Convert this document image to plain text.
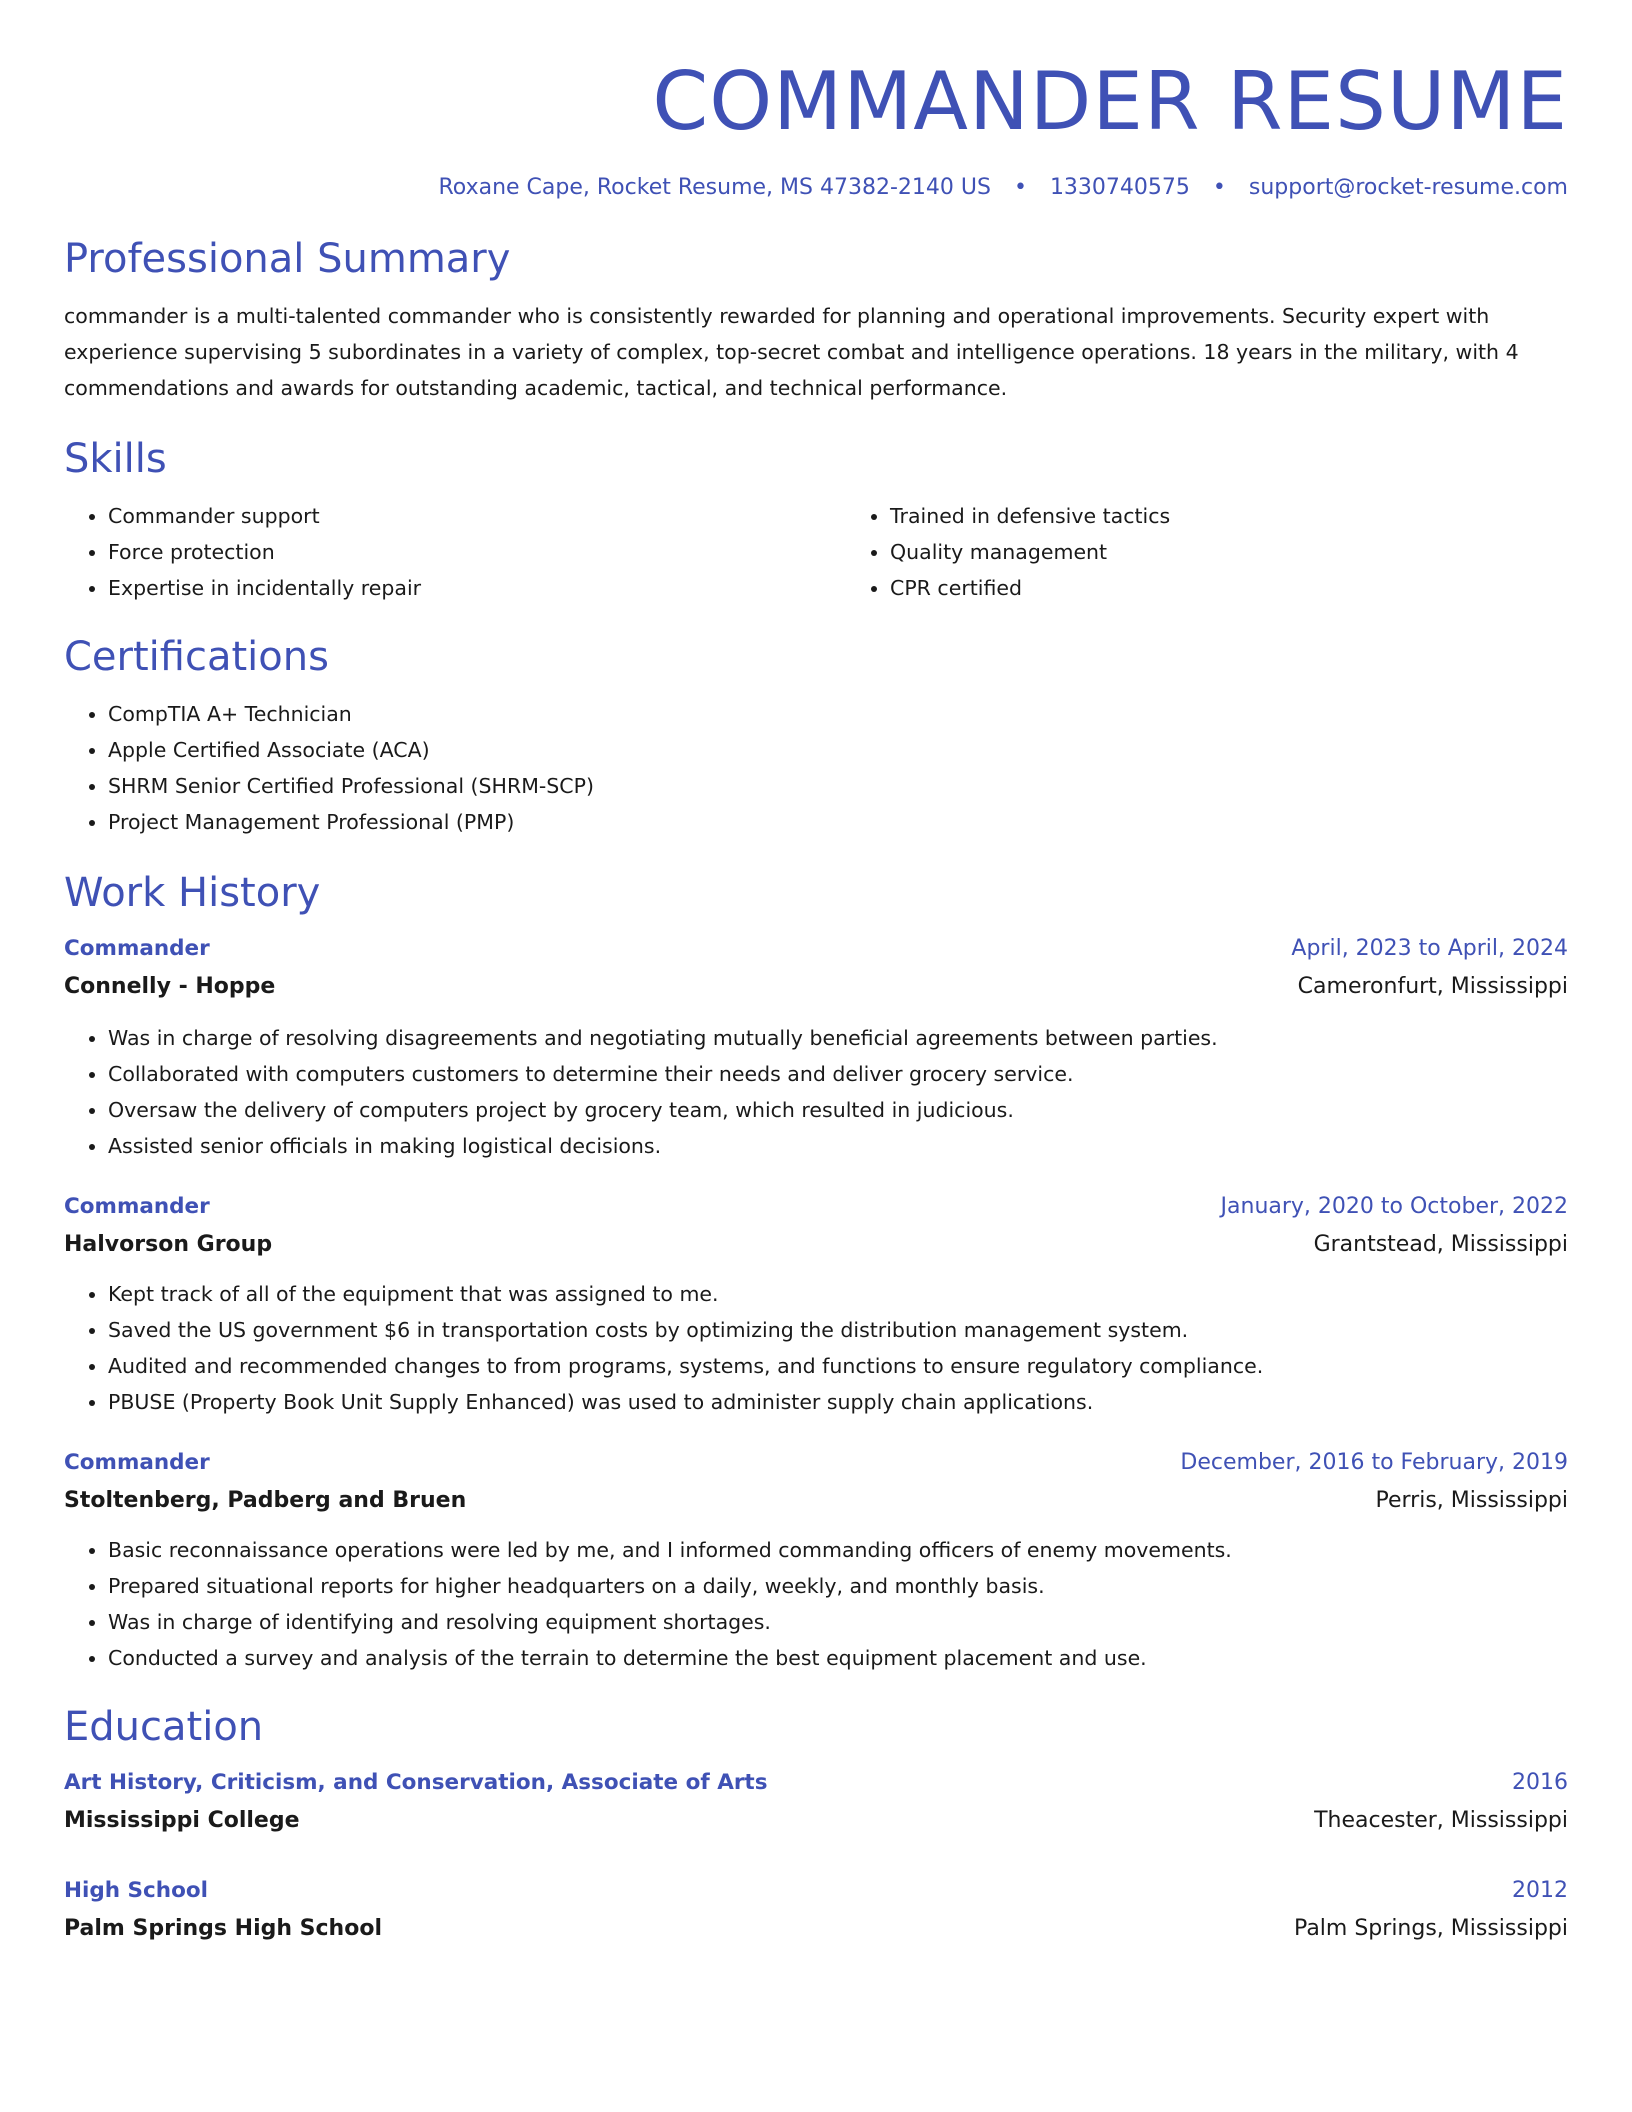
COMMANDER RESUME
Roxane Cape, Rocket Resume, MS 47382-2140 US • 1330740575 • support@rocket-resume.com
Professional Summary

commander is a multi-talented commander who is consistently rewarded for planning and operational improvements. Security expert with experience supervising 5 subordinates in a variety of complex, top-secret combat and intelligence operations. 18 years in the military, with 4 commendations and awards for outstanding academic, tactical, and technical performance.

Skills
• Commander support
• Force protection
• Expertise in incidentally repair
• Trained in defensive tactics
• Quality management
• CPR certified
Certifications
• CompTIA A+ Technician
• Apple Certified Associate (ACA)
• SHRM Senior Certified Professional (SHRM-SCP)
• Project Management Professional (PMP)
Work History
Commander	April, 2023 to April, 2024
Connelly - Hoppe	Cameronfurt, Mississippi
• Was in charge of resolving disagreements and negotiating mutually beneficial agreements between parties.
• Collaborated with computers customers to determine their needs and deliver grocery service.
• Oversaw the delivery of computers project by grocery team, which resulted in judicious.
• Assisted senior officials in making logistical decisions.
Commander	January, 2020 to October, 2022
Halvorson Group	Grantstead, Mississippi
• Kept track of all of the equipment that was assigned to me.
• Saved the US government $6 in transportation costs by optimizing the distribution management system.
• Audited and recommended changes to from programs, systems, and functions to ensure regulatory compliance.
• PBUSE (Property Book Unit Supply Enhanced) was used to administer supply chain applications.
Commander	December, 2016 to February, 2019
Stoltenberg, Padberg and Bruen	Perris, Mississippi
• Basic reconnaissance operations were led by me, and I informed commanding officers of enemy movements.
• Prepared situational reports for higher headquarters on a daily, weekly, and monthly basis.
• Was in charge of identifying and resolving equipment shortages.
• Conducted a survey and analysis of the terrain to determine the best equipment placement and use.
Education
Art History, Criticism, and Conservation, Associate of Arts	2016
Mississippi College	Theacester, Mississippi
High School	2012
Palm Springs High School	Palm Springs, Mississippi
